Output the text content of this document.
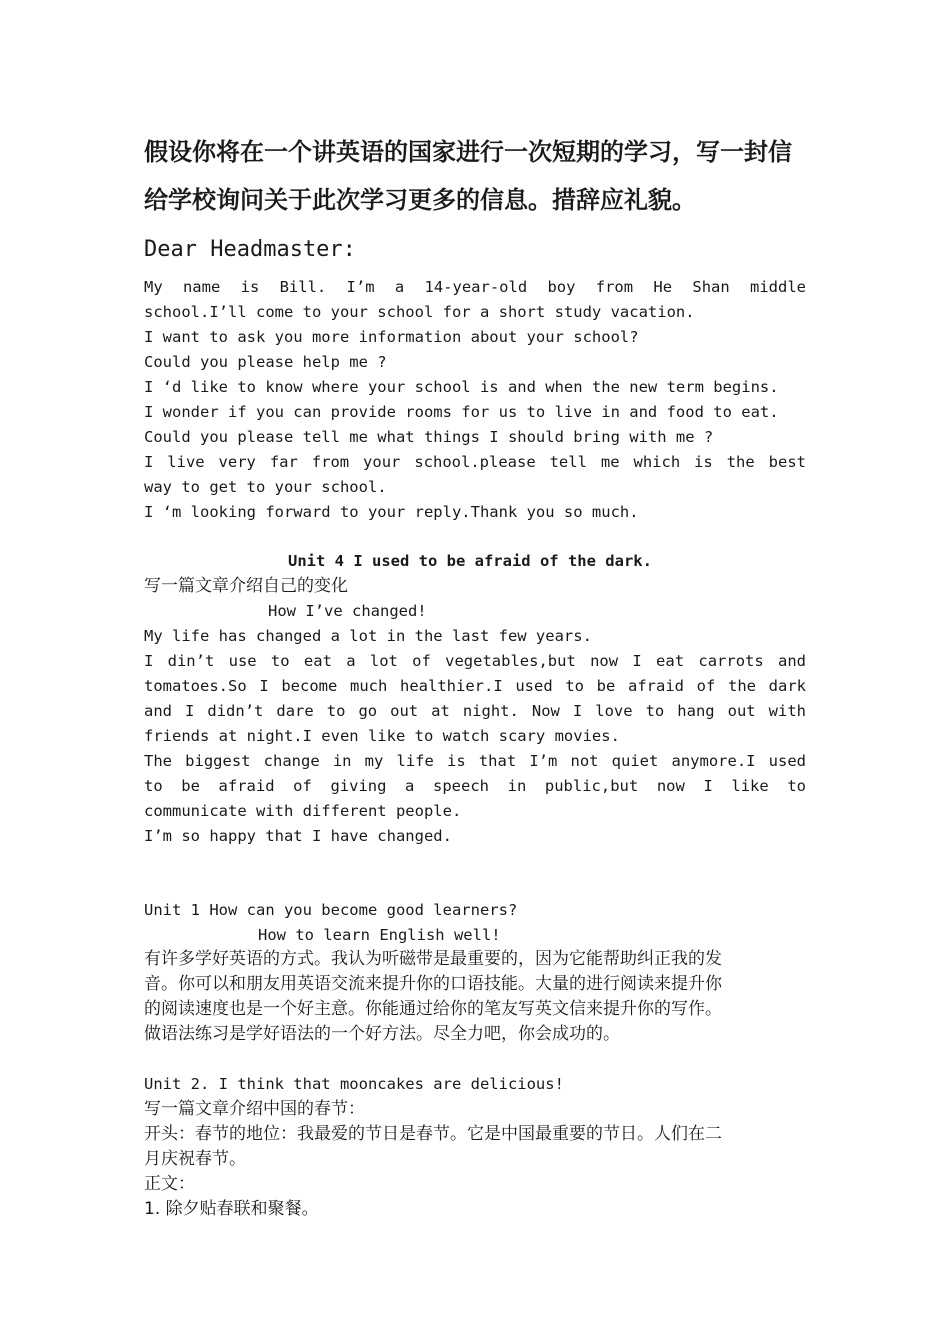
假设你将在一个讲英语的国家进行一次短期的学习，写一封信
给学校询问关于此次学习更多的信息。措辞应礼貌。
Dear Headmaster:
My name is Bill. I’m a 14-year-old boy from He Shan middle
school.I’ll come to your school for a short study vacation.
I want to ask you more information about your school?
Could you please help me ?
I ‘d like to know where your school is and when the new term begins.
I wonder if you can provide rooms for us to live in and food to eat.
Could you please tell me what things I should bring with me ?
I live very far from your school.please tell me which is the best
way to get to your school.
I ‘m looking forward to your reply.Thank you so much.
Unit 4 I used to be afraid of the dark.
写一篇文章介绍自己的变化
How I’ve changed!
My life has changed a lot in the last few years.
I din’t use to eat a lot of vegetables,but now I eat carrots and
tomatoes.So I become much healthier.I used to be afraid of the dark
and I didn’t dare to go out at night. Now I love to hang out with
friends at night.I even like to watch scary movies.
The biggest change in my life is that I’m not quiet anymore.I used
to be afraid of giving a speech in public,but now I like to
communicate with different people.
I’m so happy that I have changed.
Unit 1 How can you become good learners?
How to learn English well!
有许多学好英语的方式。我认为听磁带是最重要的，因为它能帮助纠正我的发
音。你可以和朋友用英语交流来提升你的口语技能。大量的进行阅读来提升你
的阅读速度也是一个好主意。你能通过给你的笔友写英文信来提升你的写作。
做语法练习是学好语法的一个好方法。尽全力吧，你会成功的。
Unit 2. I think that mooncakes are delicious!
写一篇文章介绍中国的春节：
开头：春节的地位：我最爱的节日是春节。它是中国最重要的节日。人们在二
月庆祝春节。
正文：
1. 除夕贴春联和聚餐。
